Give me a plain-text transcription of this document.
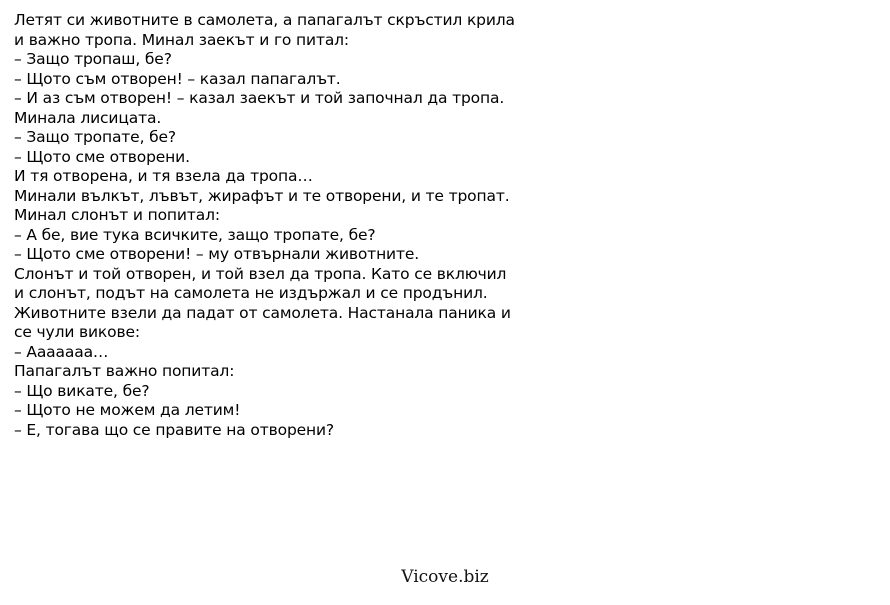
Летят си животните в самолета, а папагалът скръстил крила
и важно тропа. Минал заекът и го питал:
– Защо тропаш, бе?
– Щото съм отворен! – казал папагалът.
– И аз съм отворен! – казал заекът и той започнал да тропа.
Минала лисицата.
– Защо тропате, бе?
– Щото сме отворени.
И тя отворена, и тя взела да тропа…
Минали вълкът, лъвът, жирафът и те отворени, и те тропат.
Минал слонът и попитал:
– А бе, вие тука всичките, защо тропате, бе?
– Щото сме отворени! – му отвърнали животните.
Слонът и той отворен, и той взел да тропа. Като се включил
и слонът, подът на самолета не издържал и се продънил.
Животните взели да падат от самолета. Настанала паника и
се чули викове:
– Ааааааа…
Папагалът важно попитал:
– Що викате, бе?
– Щото не можем да летим!
– Е, тогава що се правите на отворени?
Vicove.biz
